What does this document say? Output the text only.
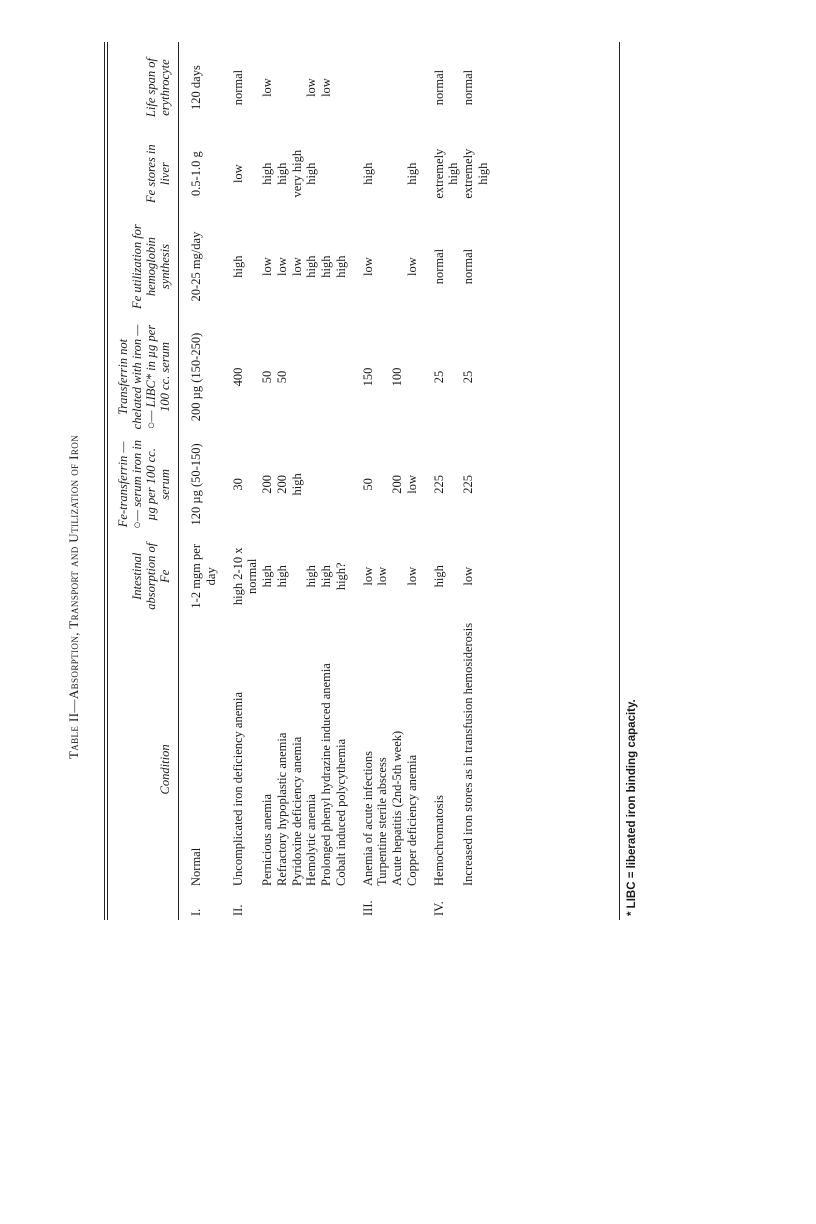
Table II—Absorption, Transport and Utilization of Iron
Condition	Intestinal absorption of Fe	Fe-transferrin —○— serum iron in µg per 100 cc. serum	Transferrin not chelated with iron —○— LIBC* in µg per 100 cc. serum	Fe utilization for hemoglobin synthesis	Fe stores in liver	Life span of erythrocyte

I.Normal	1-2 mgm per day	120 µg (50-150)	200 µg (150-250)	20-25 mg/day	0.5-1.0 g	120 days
II.Uncomplicated iron deficiency anemia	high 2-10 x normal	30	400	high	low	normal
Pernicious anemia	high	200	50	low	high	low
Refractory hypoplastic anemia	high	200	50	low	high	
Pyridoxine deficiency anemia		high		low	very high	
Hemolytic anemia	high			high	high	low
Prolonged phenyl hydrazine induced anemia	high			high		low
Cobalt induced polycythemia	high?			high		
III.Anemia of acute infections	low	50	150	low	high	
Turpentine sterile abscess	low					
Acute hepatitis (2nd-5th week)		200	100			
Copper deficiency anemia	low	low		low	high	
IV.Hemochromatosis	high	225	25	normal	extremely high	normal
Increased iron stores as in transfusion hemosiderosis	low	225	25	normal	extremely high	normal
* LIBC = liberated iron binding capacity.
